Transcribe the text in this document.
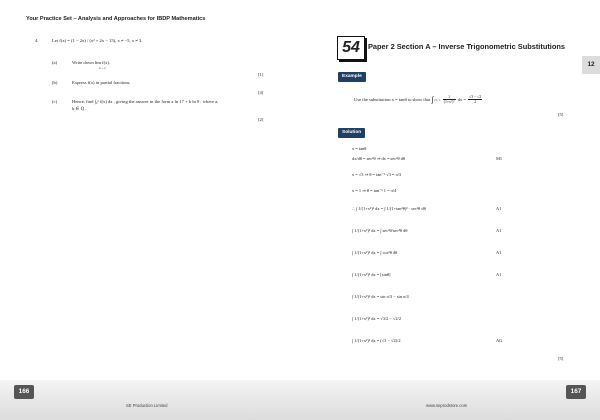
Your Practice Set – Analysis and Approaches for IBDP Mathematics
4.	Let f(x) = (1 − 2x) / (x² + 2x − 15), x ≠ −5, x ≠ 3.
(a)	Write down lim f(x).
x→∞
[1]
(b)	Express f(x) in partial fractions.
[4]
(c)	Hence, find ∫₀¹ f(x) dx , giving the answer in the form a ln 17 + b ln 9 , where a,
b ∈ ℚ .
[2]
166
SE Production Limited
54	Paper 2 Section A – Inverse Trigonometric Substitutions
12
Example
Use the substitution x = tanθ to show that $\int√3 / 1 \frac{1}{\text{(1+x²)²}}$ dx = $\frac{√3 - √2}{2}$
[5]
Solution
x = tanθ
dx/dθ = sec²θ ⇒ dx = sec²θ dθ	M1
x = √3 ⇒ θ = tan⁻¹ √3 = π/3
x = 1 ⇒ θ = tan⁻¹ 1 = π/4
∴ ∫ 1/(1+x²)² dx = ∫ 1/(1+tan²θ)² · sec²θ dθ	A1
∫ 1/(1+x²)² dx = ∫ sec²θ/sec⁴θ dθ	A1
∫ 1/(1+x²)² dx = ∫ cos²θ dθ	A1
∫ 1/(1+x²)² dx = [sinθ]	A1
∫ 1/(1+x²)² dx = sin π/3 − sin π/4
∫ 1/(1+x²)² dx = √3/2 − √2/2
∫ 1/(1+x²)² dx = (√3 − √2)/2	AG
[5]
167
www.seprodstore.com
